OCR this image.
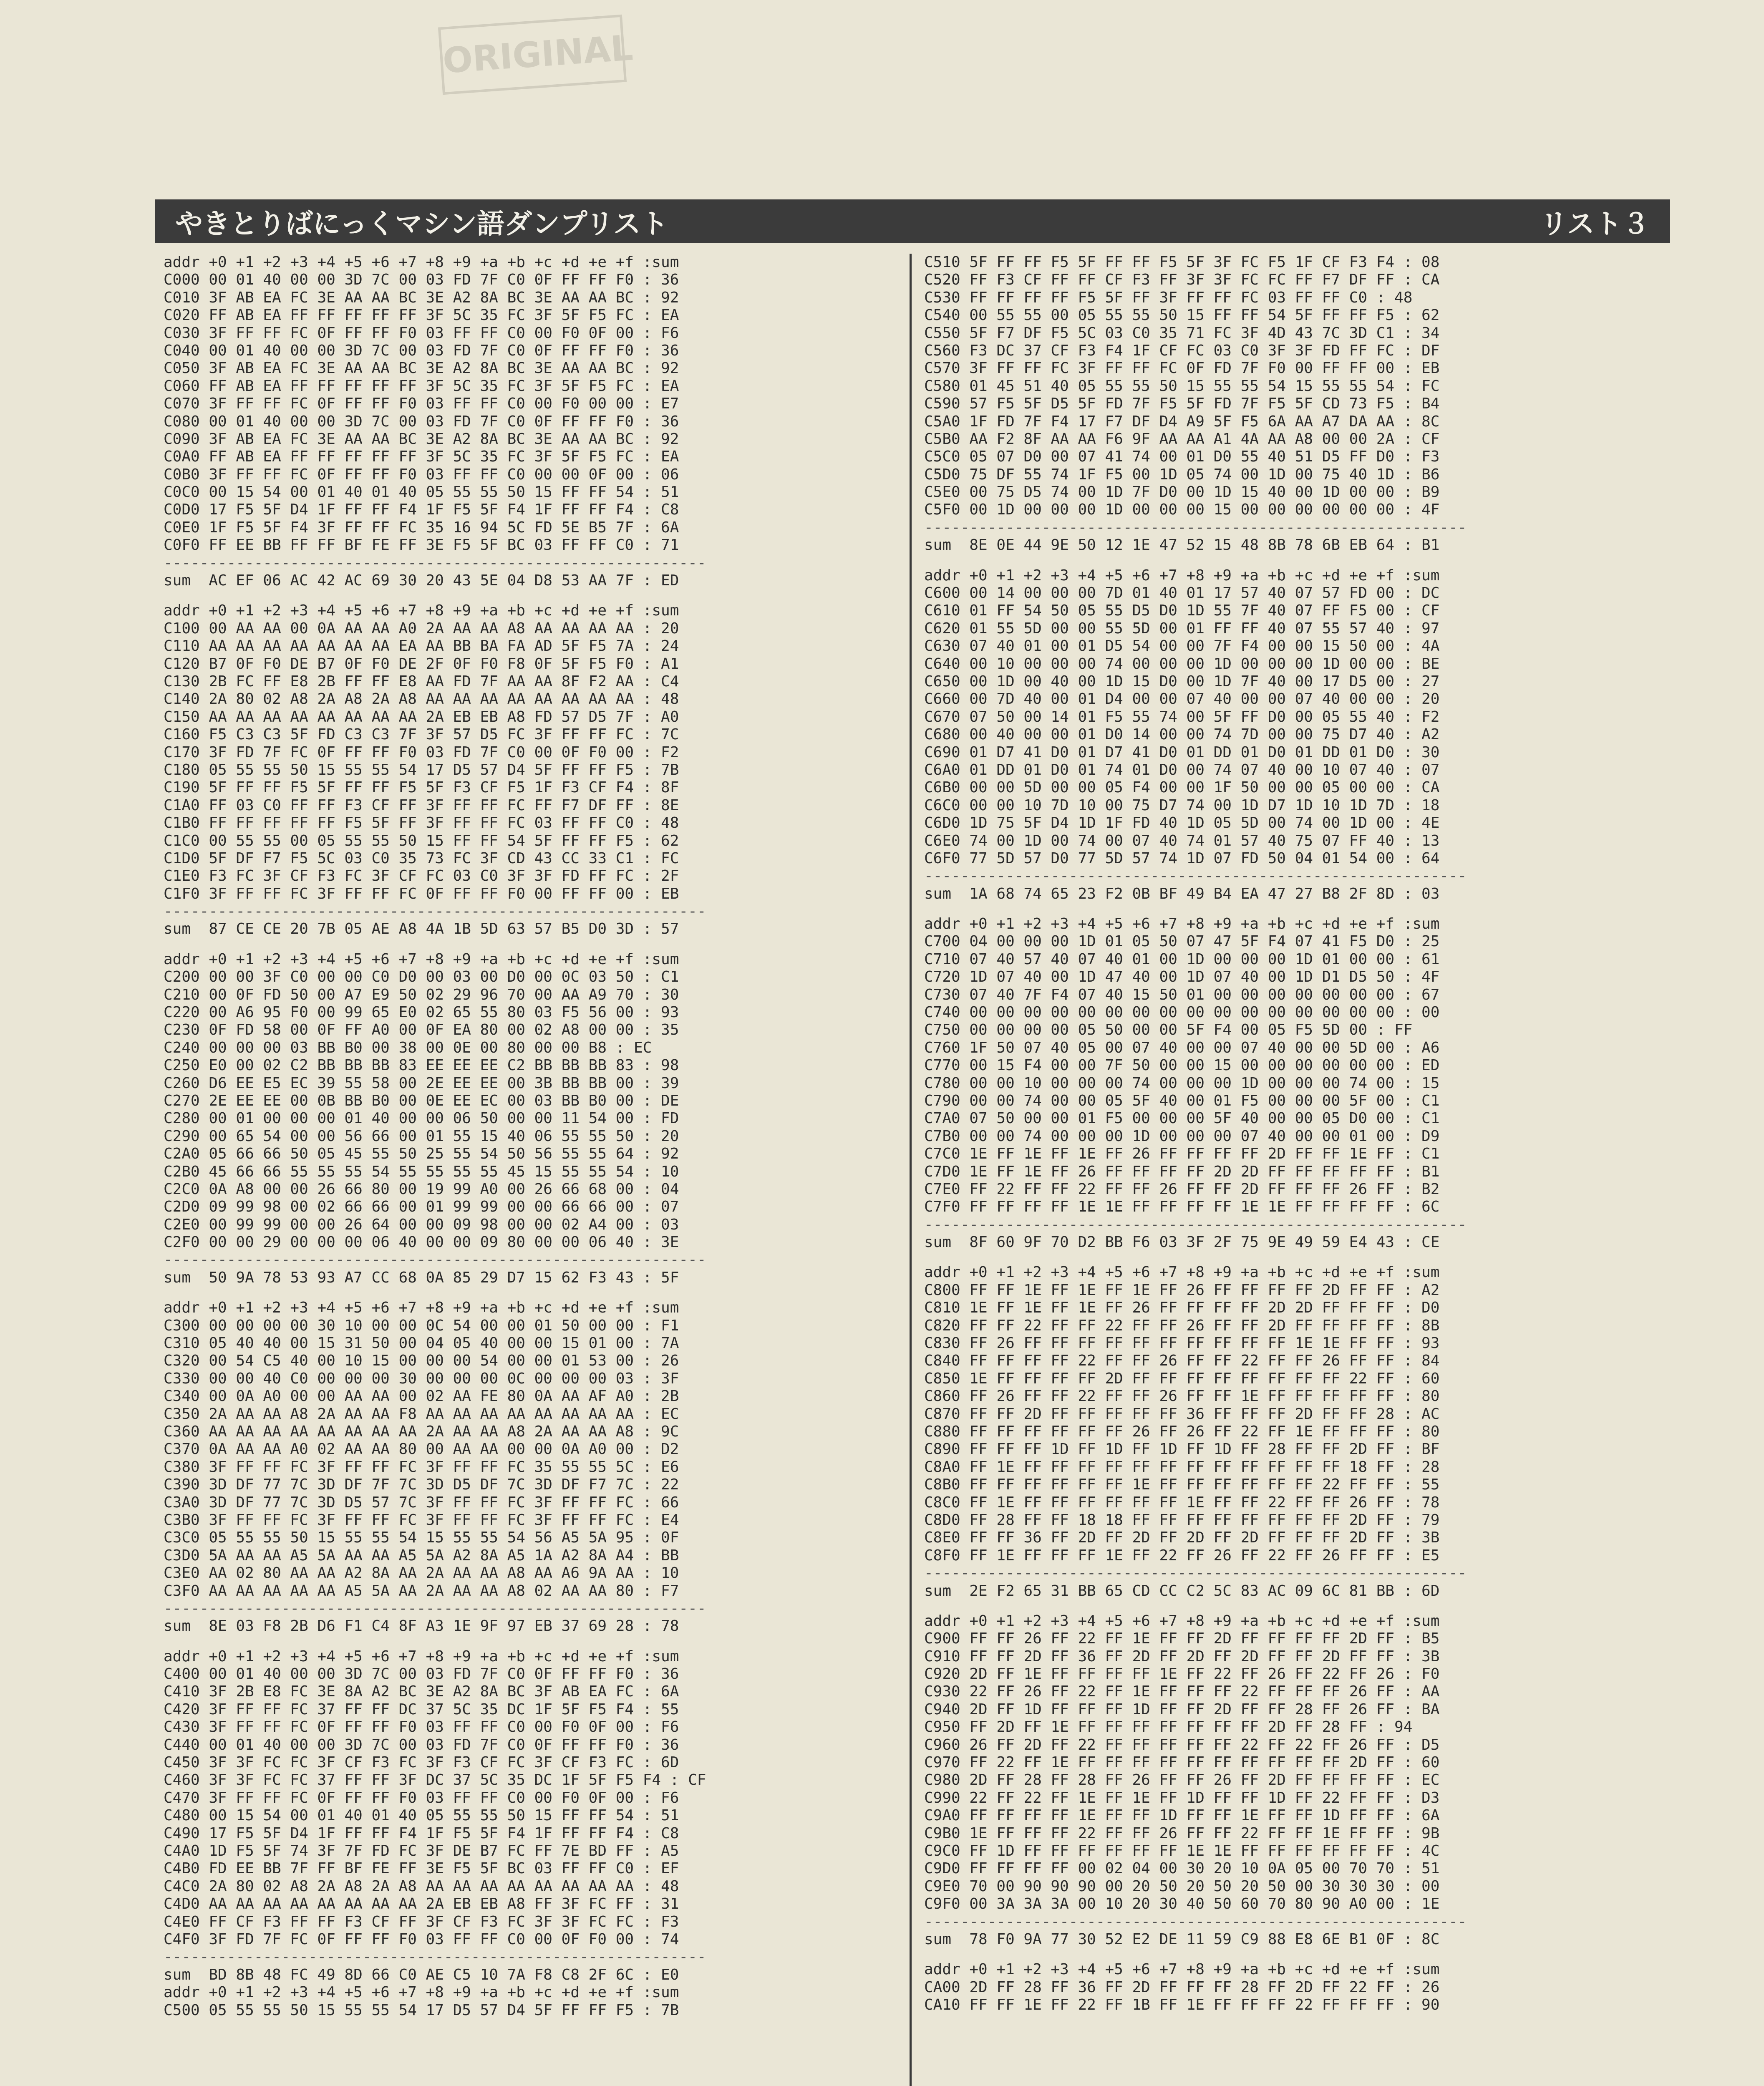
ORIGINAL
やきとりばにっくマシン語ダンプリスト	リスト３
addr +0 +1 +2 +3 +4 +5 +6 +7 +8 +9 +a +b +c +d +e +f :sum
C000 00 01 40 00 00 3D 7C 00 03 FD 7F C0 0F FF FF F0 : 36
C010 3F AB EA FC 3E AA AA BC 3E A2 8A BC 3E AA AA BC : 92
C020 FF AB EA FF FF FF FF FF 3F 5C 35 FC 3F 5F F5 FC : EA
C030 3F FF FF FC 0F FF FF F0 03 FF FF C0 00 F0 0F 00 : F6
C040 00 01 40 00 00 3D 7C 00 03 FD 7F C0 0F FF FF F0 : 36
C050 3F AB EA FC 3E AA AA BC 3E A2 8A BC 3E AA AA BC : 92
C060 FF AB EA FF FF FF FF FF 3F 5C 35 FC 3F 5F F5 FC : EA
C070 3F FF FF FC 0F FF FF F0 03 FF FF C0 00 F0 00 00 : E7
C080 00 01 40 00 00 3D 7C 00 03 FD 7F C0 0F FF FF F0 : 36
C090 3F AB EA FC 3E AA AA BC 3E A2 8A BC 3E AA AA BC : 92
C0A0 FF AB EA FF FF FF FF FF 3F 5C 35 FC 3F 5F F5 FC : EA
C0B0 3F FF FF FC 0F FF FF F0 03 FF FF C0 00 00 0F 00 : 06
C0C0 00 15 54 00 01 40 01 40 05 55 55 50 15 FF FF 54 : 51
C0D0 17 F5 5F D4 1F FF FF F4 1F F5 5F F4 1F FF FF F4 : C8
C0E0 1F F5 5F F4 3F FF FF FC 35 16 94 5C FD 5E B5 7F : 6A
C0F0 FF EE BB FF FF BF FE FF 3E F5 5F BC 03 FF FF C0 : 71
------------------------------------------------------------
sum  AC EF 06 AC 42 AC 69 30 20 43 5E 04 D8 53 AA 7F : ED
addr +0 +1 +2 +3 +4 +5 +6 +7 +8 +9 +a +b +c +d +e +f :sum
C100 00 AA AA 00 0A AA AA A0 2A AA AA A8 AA AA AA AA : 20
C110 AA AA AA AA AA AA AA EA AA BB BA FA AD 5F F5 7A : 24
C120 B7 0F F0 DE B7 0F F0 DE 2F 0F F0 F8 0F 5F F5 F0 : A1
C130 2B FC FF E8 2B FF FF E8 AA FD 7F AA AA 8F F2 AA : C4
C140 2A 80 02 A8 2A A8 2A A8 AA AA AA AA AA AA AA AA : 48
C150 AA AA AA AA AA AA AA AA 2A EB EB A8 FD 57 D5 7F : A0
C160 F5 C3 C3 5F FD C3 C3 7F 3F 57 D5 FC 3F FF FF FC : 7C
C170 3F FD 7F FC 0F FF FF F0 03 FD 7F C0 00 0F F0 00 : F2
C180 05 55 55 50 15 55 55 54 17 D5 57 D4 5F FF FF F5 : 7B
C190 5F FF FF F5 5F FF FF F5 5F F3 CF F5 1F F3 CF F4 : 8F
C1A0 FF 03 C0 FF FF F3 CF FF 3F FF FF FC FF F7 DF FF : 8E
C1B0 FF FF FF FF FF F5 5F FF 3F FF FF FC 03 FF FF C0 : 48
C1C0 00 55 55 00 05 55 55 50 15 FF FF 54 5F FF FF F5 : 62
C1D0 5F DF F7 F5 5C 03 C0 35 73 FC 3F CD 43 CC 33 C1 : FC
C1E0 F3 FC 3F CF F3 FC 3F CF FC 03 C0 3F 3F FD FF FC : 2F
C1F0 3F FF FF FC 3F FF FF FC 0F FF FF F0 00 FF FF 00 : EB
------------------------------------------------------------
sum  87 CE CE 20 7B 05 AE A8 4A 1B 5D 63 57 B5 D0 3D : 57
addr +0 +1 +2 +3 +4 +5 +6 +7 +8 +9 +a +b +c +d +e +f :sum
C200 00 00 3F C0 00 00 C0 D0 00 03 00 D0 00 0C 03 50 : C1
C210 00 0F FD 50 00 A7 E9 50 02 29 96 70 00 AA A9 70 : 30
C220 00 A6 95 F0 00 99 65 E0 02 65 55 80 03 F5 56 00 : 93
C230 0F FD 58 00 0F FF A0 00 0F EA 80 00 02 A8 00 00 : 35
C240 00 00 00 03 BB B0 00 38 00 0E 00 80 00 00 B8 : EC
C250 E0 00 02 C2 BB BB BB 83 EE EE EE C2 BB BB BB 83 : 98
C260 D6 EE E5 EC 39 55 58 00 2E EE EE 00 3B BB BB 00 : 39
C270 2E EE EE 00 0B BB B0 00 0E EE EC 00 03 BB B0 00 : DE
C280 00 01 00 00 00 01 40 00 00 06 50 00 00 11 54 00 : FD
C290 00 65 54 00 00 56 66 00 01 55 15 40 06 55 55 50 : 20
C2A0 05 66 66 50 05 45 55 50 25 55 54 50 56 55 55 64 : 92
C2B0 45 66 66 55 55 55 54 55 55 55 55 45 15 55 55 54 : 10
C2C0 0A A8 00 00 26 66 80 00 19 99 A0 00 26 66 68 00 : 04
C2D0 09 99 98 00 02 66 66 00 01 99 99 00 00 66 66 00 : 07
C2E0 00 99 99 00 00 26 64 00 00 09 98 00 00 02 A4 00 : 03
C2F0 00 00 29 00 00 00 06 40 00 00 09 80 00 00 06 40 : 3E
------------------------------------------------------------
sum  50 9A 78 53 93 A7 CC 68 0A 85 29 D7 15 62 F3 43 : 5F
addr +0 +1 +2 +3 +4 +5 +6 +7 +8 +9 +a +b +c +d +e +f :sum
C300 00 00 00 00 30 10 00 00 0C 54 00 00 01 50 00 00 : F1
C310 05 40 40 00 15 31 50 00 04 05 40 00 00 15 01 00 : 7A
C320 00 54 C5 40 00 10 15 00 00 00 54 00 00 01 53 00 : 26
C330 00 00 40 C0 00 00 00 30 00 00 00 0C 00 00 00 03 : 3F
C340 00 0A A0 00 00 AA AA 00 02 AA FE 80 0A AA AF A0 : 2B
C350 2A AA AA A8 2A AA AA F8 AA AA AA AA AA AA AA AA : EC
C360 AA AA AA AA AA AA AA AA 2A AA AA A8 2A AA AA A8 : 9C
C370 0A AA AA A0 02 AA AA 80 00 AA AA 00 00 0A A0 00 : D2
C380 3F FF FF FC 3F FF FF FC 3F FF FF FC 35 55 55 5C : E6
C390 3D DF 77 7C 3D DF 7F 7C 3D D5 DF 7C 3D DF F7 7C : 22
C3A0 3D DF 77 7C 3D D5 57 7C 3F FF FF FC 3F FF FF FC : 66
C3B0 3F FF FF FC 3F FF FF FC 3F FF FF FC 3F FF FF FC : E4
C3C0 05 55 55 50 15 55 55 54 15 55 55 54 56 A5 5A 95 : 0F
C3D0 5A AA AA A5 5A AA AA A5 5A A2 8A A5 1A A2 8A A4 : BB
C3E0 AA 02 80 AA AA A2 8A AA 2A AA AA A8 AA A6 9A AA : 10
C3F0 AA AA AA AA AA A5 5A AA 2A AA AA A8 02 AA AA 80 : F7
------------------------------------------------------------
sum  8E 03 F8 2B D6 F1 C4 8F A3 1E 9F 97 EB 37 69 28 : 78
addr +0 +1 +2 +3 +4 +5 +6 +7 +8 +9 +a +b +c +d +e +f :sum
C400 00 01 40 00 00 3D 7C 00 03 FD 7F C0 0F FF FF F0 : 36
C410 3F 2B E8 FC 3E 8A A2 BC 3E A2 8A BC 3F AB EA FC : 6A
C420 3F FF FF FC 37 FF FF DC 37 5C 35 DC 1F 5F F5 F4 : 55
C430 3F FF FF FC 0F FF FF F0 03 FF FF C0 00 F0 0F 00 : F6
C440 00 01 40 00 00 3D 7C 00 03 FD 7F C0 0F FF FF F0 : 36
C450 3F 3F FC FC 3F CF F3 FC 3F F3 CF FC 3F CF F3 FC : 6D
C460 3F 3F FC FC 37 FF FF 3F DC 37 5C 35 DC 1F 5F F5 F4 : CF
C470 3F FF FF FC 0F FF FF F0 03 FF FF C0 00 F0 0F 00 : F6
C480 00 15 54 00 01 40 01 40 05 55 55 50 15 FF FF 54 : 51
C490 17 F5 5F D4 1F FF FF F4 1F F5 5F F4 1F FF FF F4 : C8
C4A0 1D F5 5F 74 3F 7F FD FC 3F DE B7 FC FF 7E BD FF : A5
C4B0 FD EE BB 7F FF BF FE FF 3E F5 5F BC 03 FF FF C0 : EF
C4C0 2A 80 02 A8 2A A8 2A A8 AA AA AA AA AA AA AA AA : 48
C4D0 AA AA AA AA AA AA AA AA 2A EB EB A8 FF 3F FC FF : 31
C4E0 FF CF F3 FF FF F3 CF FF 3F CF F3 FC 3F 3F FC FC : F3
C4F0 3F FD 7F FC 0F FF FF F0 03 FF FF C0 00 0F F0 00 : 74
------------------------------------------------------------
sum  BD 8B 48 FC 49 8D 66 C0 AE C5 10 7A F8 C8 2F 6C : E0
addr +0 +1 +2 +3 +4 +5 +6 +7 +8 +9 +a +b +c +d +e +f :sum
C500 05 55 55 50 15 55 55 54 17 D5 57 D4 5F FF FF F5 : 7B
C510 5F FF FF F5 5F FF FF F5 5F 3F FC F5 1F CF F3 F4 : 08
C520 FF F3 CF FF FF CF F3 FF 3F 3F FC FC FF F7 DF FF : CA
C530 FF FF FF FF F5 5F FF 3F FF FF FC 03 FF FF C0 : 48
C540 00 55 55 00 05 55 55 50 15 FF FF 54 5F FF FF F5 : 62
C550 5F F7 DF F5 5C 03 C0 35 71 FC 3F 4D 43 7C 3D C1 : 34
C560 F3 DC 37 CF F3 F4 1F CF FC 03 C0 3F 3F FD FF FC : DF
C570 3F FF FF FC 3F FF FF FC 0F FD 7F F0 00 FF FF 00 : EB
C580 01 45 51 40 05 55 55 50 15 55 55 54 15 55 55 54 : FC
C590 57 F5 5F D5 5F FD 7F F5 5F FD 7F F5 5F CD 73 F5 : B4
C5A0 1F FD 7F F4 17 F7 DF D4 A9 5F F5 6A AA A7 DA AA : 8C
C5B0 AA F2 8F AA AA F6 9F AA AA A1 4A AA A8 00 00 2A : CF
C5C0 05 07 D0 00 07 41 74 00 01 D0 55 40 51 D5 FF D0 : F3
C5D0 75 DF 55 74 1F F5 00 1D 05 74 00 1D 00 75 40 1D : B6
C5E0 00 75 D5 74 00 1D 7F D0 00 1D 15 40 00 1D 00 00 : B9
C5F0 00 1D 00 00 00 1D 00 00 00 15 00 00 00 00 00 00 : 4F
------------------------------------------------------------
sum  8E 0E 44 9E 50 12 1E 47 52 15 48 8B 78 6B EB 64 : B1
addr +0 +1 +2 +3 +4 +5 +6 +7 +8 +9 +a +b +c +d +e +f :sum
C600 00 14 00 00 00 7D 01 40 01 17 57 40 07 57 FD 00 : DC
C610 01 FF 54 50 05 55 D5 D0 1D 55 7F 40 07 FF F5 00 : CF
C620 01 55 5D 00 00 55 5D 00 01 FF FF 40 07 55 57 40 : 97
C630 07 40 01 00 01 D5 54 00 00 7F F4 00 00 15 50 00 : 4A
C640 00 10 00 00 00 74 00 00 00 1D 00 00 00 1D 00 00 : BE
C650 00 1D 00 40 00 1D 15 D0 00 1D 7F 40 00 17 D5 00 : 27
C660 00 7D 40 00 01 D4 00 00 07 40 00 00 07 40 00 00 : 20
C670 07 50 00 14 01 F5 55 74 00 5F FF D0 00 05 55 40 : F2
C680 00 40 00 00 01 D0 14 00 00 74 7D 00 00 75 D7 40 : A2
C690 01 D7 41 D0 01 D7 41 D0 01 DD 01 D0 01 DD 01 D0 : 30
C6A0 01 DD 01 D0 01 74 01 D0 00 74 07 40 00 10 07 40 : 07
C6B0 00 00 5D 00 00 05 F4 00 00 1F 50 00 00 05 00 00 : CA
C6C0 00 00 10 7D 10 00 75 D7 74 00 1D D7 1D 10 1D 7D : 18
C6D0 1D 75 5F D4 1D 1F FD 40 1D 05 5D 00 74 00 1D 00 : 4E
C6E0 74 00 1D 00 74 00 07 40 74 01 57 40 75 07 FF 40 : 13
C6F0 77 5D 57 D0 77 5D 57 74 1D 07 FD 50 04 01 54 00 : 64
------------------------------------------------------------
sum  1A 68 74 65 23 F2 0B BF 49 B4 EA 47 27 B8 2F 8D : 03
addr +0 +1 +2 +3 +4 +5 +6 +7 +8 +9 +a +b +c +d +e +f :sum
C700 04 00 00 00 1D 01 05 50 07 47 5F F4 07 41 F5 D0 : 25
C710 07 40 57 40 07 40 01 00 1D 00 00 00 1D 01 00 00 : 61
C720 1D 07 40 00 1D 47 40 00 1D 07 40 00 1D D1 D5 50 : 4F
C730 07 40 7F F4 07 40 15 50 01 00 00 00 00 00 00 00 : 67
C740 00 00 00 00 00 00 00 00 00 00 00 00 00 00 00 00 : 00
C750 00 00 00 00 05 50 00 00 5F F4 00 05 F5 5D 00 : FF
C760 1F 50 07 40 05 00 07 40 00 00 07 40 00 00 5D 00 : A6
C770 00 15 F4 00 00 7F 50 00 00 15 00 00 00 00 00 00 : ED
C780 00 00 10 00 00 00 74 00 00 00 1D 00 00 00 74 00 : 15
C790 00 00 74 00 00 05 5F 40 00 01 F5 00 00 00 5F 00 : C1
C7A0 07 50 00 00 01 F5 00 00 00 5F 40 00 00 05 D0 00 : C1
C7B0 00 00 74 00 00 00 1D 00 00 00 07 40 00 00 01 00 : D9
C7C0 1E FF 1E FF 1E FF 26 FF FF FF FF 2D FF FF 1E FF : C1
C7D0 1E FF 1E FF 26 FF FF FF FF 2D 2D FF FF FF FF FF : B1
C7E0 FF 22 FF FF 22 FF FF 26 FF FF 2D FF FF FF 26 FF : B2
C7F0 FF FF FF FF 1E 1E FF FF FF FF 1E 1E FF FF FF FF : 6C
------------------------------------------------------------
sum  8F 60 9F 70 D2 BB F6 03 3F 2F 75 9E 49 59 E4 43 : CE
addr +0 +1 +2 +3 +4 +5 +6 +7 +8 +9 +a +b +c +d +e +f :sum
C800 FF FF 1E FF 1E FF 1E FF 26 FF FF FF FF 2D FF FF : A2
C810 1E FF 1E FF 1E FF 26 FF FF FF FF 2D 2D FF FF FF : D0
C820 FF FF 22 FF FF 22 FF FF 26 FF FF 2D FF FF FF FF : 8B
C830 FF 26 FF FF FF FF FF FF FF FF FF FF 1E 1E FF FF : 93
C840 FF FF FF FF 22 FF FF 26 FF FF 22 FF FF 26 FF FF : 84
C850 1E FF FF FF FF 2D FF FF FF FF FF FF FF FF 22 FF : 60
C860 FF 26 FF FF 22 FF FF 26 FF FF 1E FF FF FF FF FF : 80
C870 FF FF 2D FF FF FF FF FF 36 FF FF FF 2D FF FF 28 : AC
C880 FF FF FF FF FF FF 26 FF 26 FF 22 FF 1E FF FF FF : 80
C890 FF FF FF 1D FF 1D FF 1D FF 1D FF 28 FF FF 2D FF : BF
C8A0 FF 1E FF FF FF FF FF FF FF FF FF FF FF FF 18 FF : 28
C8B0 FF FF FF FF FF FF 1E FF FF FF FF FF FF 22 FF FF : 55
C8C0 FF 1E FF FF FF FF FF FF 1E FF FF 22 FF FF 26 FF : 78
C8D0 FF 28 FF FF 18 18 FF FF FF FF FF FF FF FF 2D FF : 79
C8E0 FF FF 36 FF 2D FF 2D FF 2D FF 2D FF FF FF 2D FF : 3B
C8F0 FF 1E FF FF FF 1E FF 22 FF 26 FF 22 FF 26 FF FF : E5
------------------------------------------------------------
sum  2E F2 65 31 BB 65 CD CC C2 5C 83 AC 09 6C 81 BB : 6D
addr +0 +1 +2 +3 +4 +5 +6 +7 +8 +9 +a +b +c +d +e +f :sum
C900 FF FF 26 FF 22 FF 1E FF FF 2D FF FF FF FF 2D FF : B5
C910 FF FF 2D FF 36 FF 2D FF 2D FF 2D FF FF 2D FF FF : 3B
C920 2D FF 1E FF FF FF FF 1E FF 22 FF 26 FF 22 FF 26 : F0
C930 22 FF 26 FF 22 FF 1E FF FF FF 22 FF FF FF 26 FF : AA
C940 2D FF 1D FF FF FF 1D FF FF 2D FF FF 28 FF 26 FF : BA
C950 FF 2D FF 1E FF FF FF FF FF FF FF 2D FF 28 FF : 94
C960 26 FF 2D FF 22 FF FF FF FF FF 22 FF 22 FF 26 FF : D5
C970 FF 22 FF 1E FF FF FF FF FF FF FF FF FF FF 2D FF : 60
C980 2D FF 28 FF 28 FF 26 FF FF 26 FF 2D FF FF FF FF : EC
C990 22 FF 22 FF 1E FF 1E FF 1D FF FF 1D FF 22 FF FF : D3
C9A0 FF FF FF FF 1E FF FF 1D FF FF 1E FF FF 1D FF FF : 6A
C9B0 1E FF FF FF 22 FF FF 26 FF FF 22 FF FF 1E FF FF : 9B
C9C0 FF 1D FF FF FF FF FF FF 1E 1E FF FF FF FF FF FF : 4C
C9D0 FF FF FF FF 00 02 04 00 30 20 10 0A 05 00 70 70 : 51
C9E0 70 00 90 90 90 00 20 50 20 50 20 50 00 30 30 30 : 00
C9F0 00 3A 3A 3A 00 10 20 30 40 50 60 70 80 90 A0 00 : 1E
------------------------------------------------------------
sum  78 F0 9A 77 30 52 E2 DE 11 59 C9 88 E8 6E B1 0F : 8C
addr +0 +1 +2 +3 +4 +5 +6 +7 +8 +9 +a +b +c +d +e +f :sum
CA00 2D FF 28 FF 36 FF 2D FF FF FF 28 FF 2D FF 22 FF : 26
CA10 FF FF 1E FF 22 FF 1B FF 1E FF FF FF 22 FF FF FF : 90
